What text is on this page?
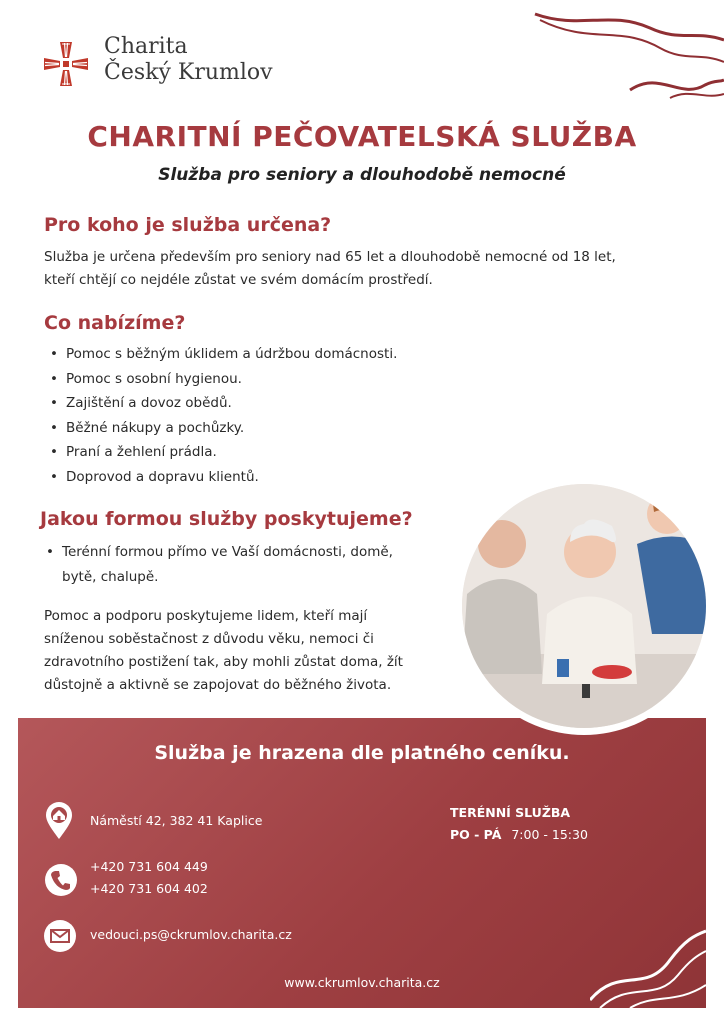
Charita
Český Krumlov
CHARITNÍ PEČOVATELSKÁ SLUŽBA
Služba pro seniory a dlouhodobě nemocné
Pro koho je služba určena?
Služba je určena především pro seniory nad 65 let a dlouhodobě nemocné od 18 let,
kteří chtějí co nejdéle zůstat ve svém domácím prostředí.
Co nabízíme?
• Pomoc s běžným úklidem a údržbou domácnosti.
• Pomoc s osobní hygienou.
• Zajištění a dovoz obědů.
• Běžné nákupy a pochůzky.
• Praní a žehlení prádla.
• Doprovod a dopravu klientů.
Jakou formou služby poskytujeme?
• Terénní formou přímo ve Vaší domácnosti, domě,
bytě, chalupě.
Pomoc a podporu poskytujeme lidem, kteří mají
sníženou soběstačnost z důvodu věku, nemoci či
zdravotního postižení tak, aby mohli zůstat doma, žít
důstojně a aktivně se zapojovat do běžného života.
Služba je hrazena dle platného ceníku.
Náměstí 42, 382 41 Kaplice
+420 731 604 449
+420 731 604 402
vedouci.ps@ckrumlov.charita.cz
TERÉNNÍ SLUŽBA
PO - PÁ 7:00 - 15:30
www.ckrumlov.charita.cz
